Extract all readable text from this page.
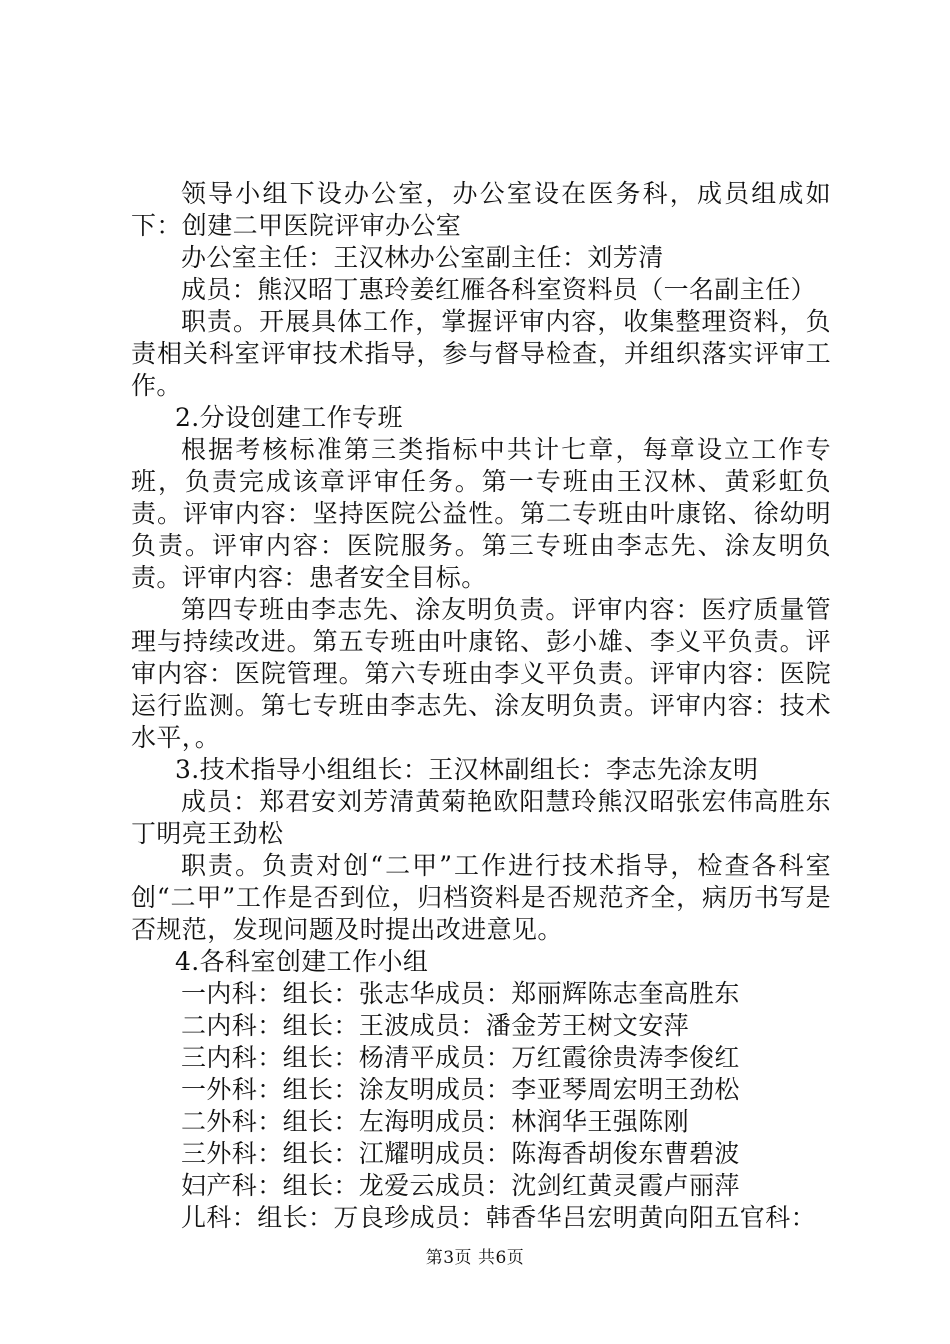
领导小组下设办公室，办公室设在医务科，成员组成如下：创建二甲医院评审办公室

办公室主任：王汉林办公室副主任：刘芳清

成员：熊汉昭丁惠玲姜红雁各科室资料员（一名副主任）

职责。开展具体工作，掌握评审内容，收集整理资料，负责相关科室评审技术指导，参与督导检查，并组织落实评审工作。

2.分设创建工作专班

根据考核标准第三类指标中共计七章，每章设立工作专班，负责完成该章评审任务。第一专班由王汉林、黄彩虹负责。评审内容：坚持医院公益性。第二专班由叶康铭、徐幼明负责。评审内容：医院服务。第三专班由李志先、涂友明负责。评审内容：患者安全目标。

第四专班由李志先、涂友明负责。评审内容：医疗质量管理与持续改进。第五专班由叶康铭、彭小雄、李义平负责。评审内容：医院管理。第六专班由李义平负责。评审内容：医院运行监测。第七专班由李志先、涂友明负责。评审内容：技术水平，。

3.技术指导小组组长：王汉林副组长：李志先涂友明

成员：郑君安刘芳清黄菊艳欧阳慧玲熊汉昭张宏伟高胜东丁明亮王劲松

职责。负责对创“二甲”工作进行技术指导，检查各科室创“二甲”工作是否到位，归档资料是否规范齐全，病历书写是否规范，发现问题及时提出改进意见。

4.各科室创建工作小组

一内科：组长：张志华成员：郑丽辉陈志奎高胜东

二内科：组长：王波成员：潘金芳王树文安萍

三内科：组长：杨清平成员：万红霞徐贵涛李俊红

一外科：组长：涂友明成员：李亚琴周宏明王劲松

二外科：组长：左海明成员：林润华王强陈刚

三外科：组长：江耀明成员：陈海香胡俊东曹碧波

妇产科：组长：龙爱云成员：沈剑红黄灵霞卢丽萍

儿科：组长：万良珍成员：韩香华吕宏明黄向阳五官科：

第3页 共6页
